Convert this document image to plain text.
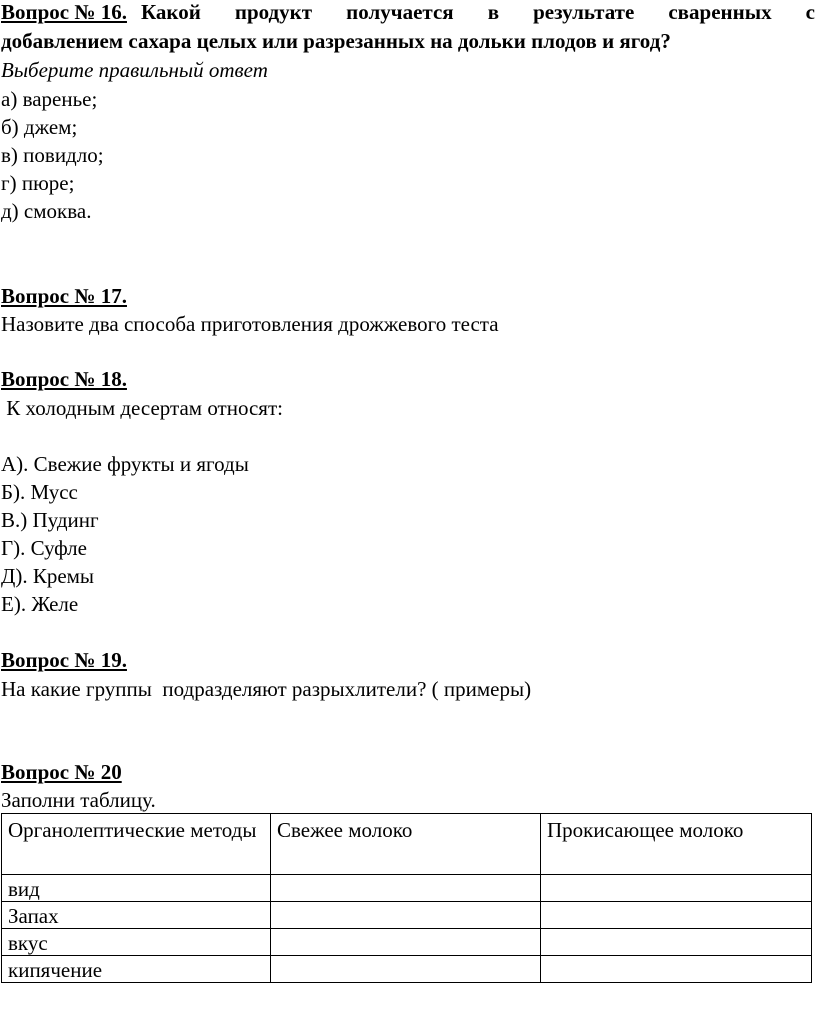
Вопрос № 16. Какой продукт получается в результате сваренных с
добавлением сахара целых или разрезанных на дольки плодов и ягод?
Выберите правильный ответ
а) варенье;
б) джем;
в) повидло;
г) пюре;
д) смоква.
Вопрос № 17.
Назовите два способа приготовления дрожжевого теста
Вопрос № 18.
К холодным десертам относят:
А). Свежие фрукты и ягоды
Б). Мусс
В.) Пудинг
Г). Суфле
Д). Кремы
Е). Желе
Вопрос № 19.
На какие группы  подразделяют разрыхлители? ( примеры)
Вопрос № 20
Заполни таблицу.
Органолептические методы	Свежее молоко	Прокисающее молоко
вид		
Запах		
вкус		
кипячение		
